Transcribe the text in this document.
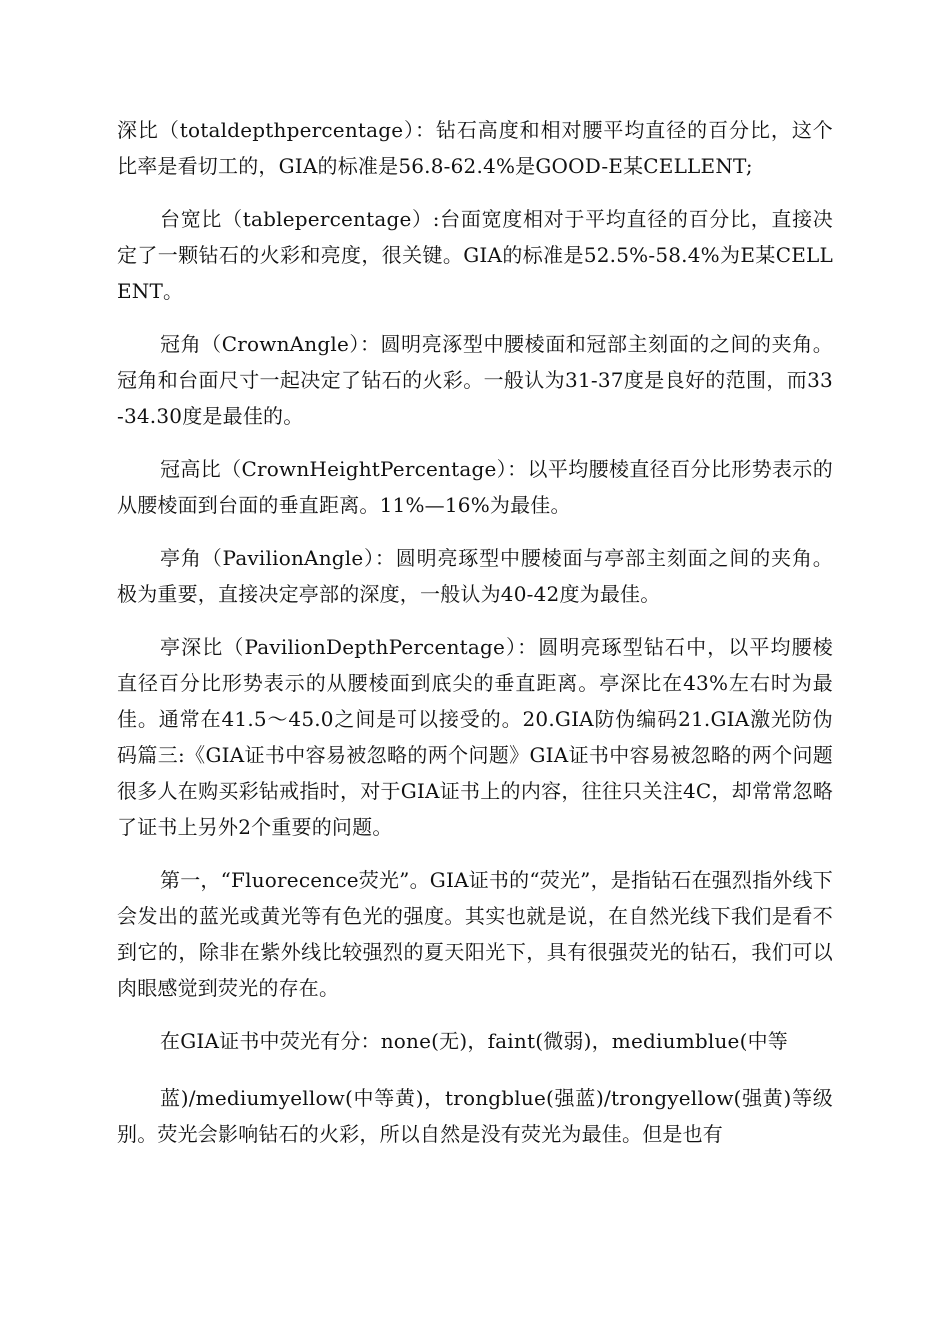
深比（totaldepthpercentage）：钻石高度和相对腰平均直径的百分比，这个比率是看切工的，GIA的标准是56.8-62.4%是GOOD-E某CELLENT;

台宽比（tablepercentage）:台面宽度相对于平均直径的百分比，直接决定了一颗钻石的火彩和亮度，很关键。GIA的标准是52.5%-58.4%为E某CELLENT。

冠角（CrownAngle）：圆明亮涿型中腰棱面和冠部主刻面的之间的夹角。冠角和台面尺寸一起决定了钻石的火彩。一般认为31-37度是良好的范围，而33-34.30度是最佳的。

冠高比（CrownHeightPercentage）：以平均腰棱直径百分比形势表示的从腰棱面到台面的垂直距离。11%—16%为最佳。

亭角（PavilionAngle）：圆明亮琢型中腰棱面与亭部主刻面之间的夹角。极为重要，直接决定亭部的深度，一般认为40-42度为最佳。

亭深比（PavilionDepthPercentage）：圆明亮琢型钻石中，以平均腰棱直径百分比形势表示的从腰棱面到底尖的垂直距离。亭深比在43%左右时为最佳。通常在41.5～45.0之间是可以接受的。20.GIA防伪编码21.GIA激光防伪码篇三:《GIA证书中容易被忽略的两个问题》GIA证书中容易被忽略的两个问题很多人在购买彩钻戒指时，对于GIA证书上的内容，往往只关注4C，却常常忽略了证书上另外2个重要的问题。

第一，“Fluorecence荧光”。GIA证书的“荧光”，是指钻石在强烈指外线下会发出的蓝光或黄光等有色光的强度。其实也就是说，在自然光线下我们是看不到它的，除非在紫外线比较强烈的夏天阳光下，具有很强荧光的钻石，我们可以肉眼感觉到荧光的存在。

在GIA证书中荧光有分：none(无)，faint(微弱)，mediumblue(中等

蓝)/mediumyellow(中等黄)，trongblue(强蓝)/trongyellow(强黄)等级别。荧光会影响钻石的火彩，所以自然是没有荧光为最佳。但是也有
